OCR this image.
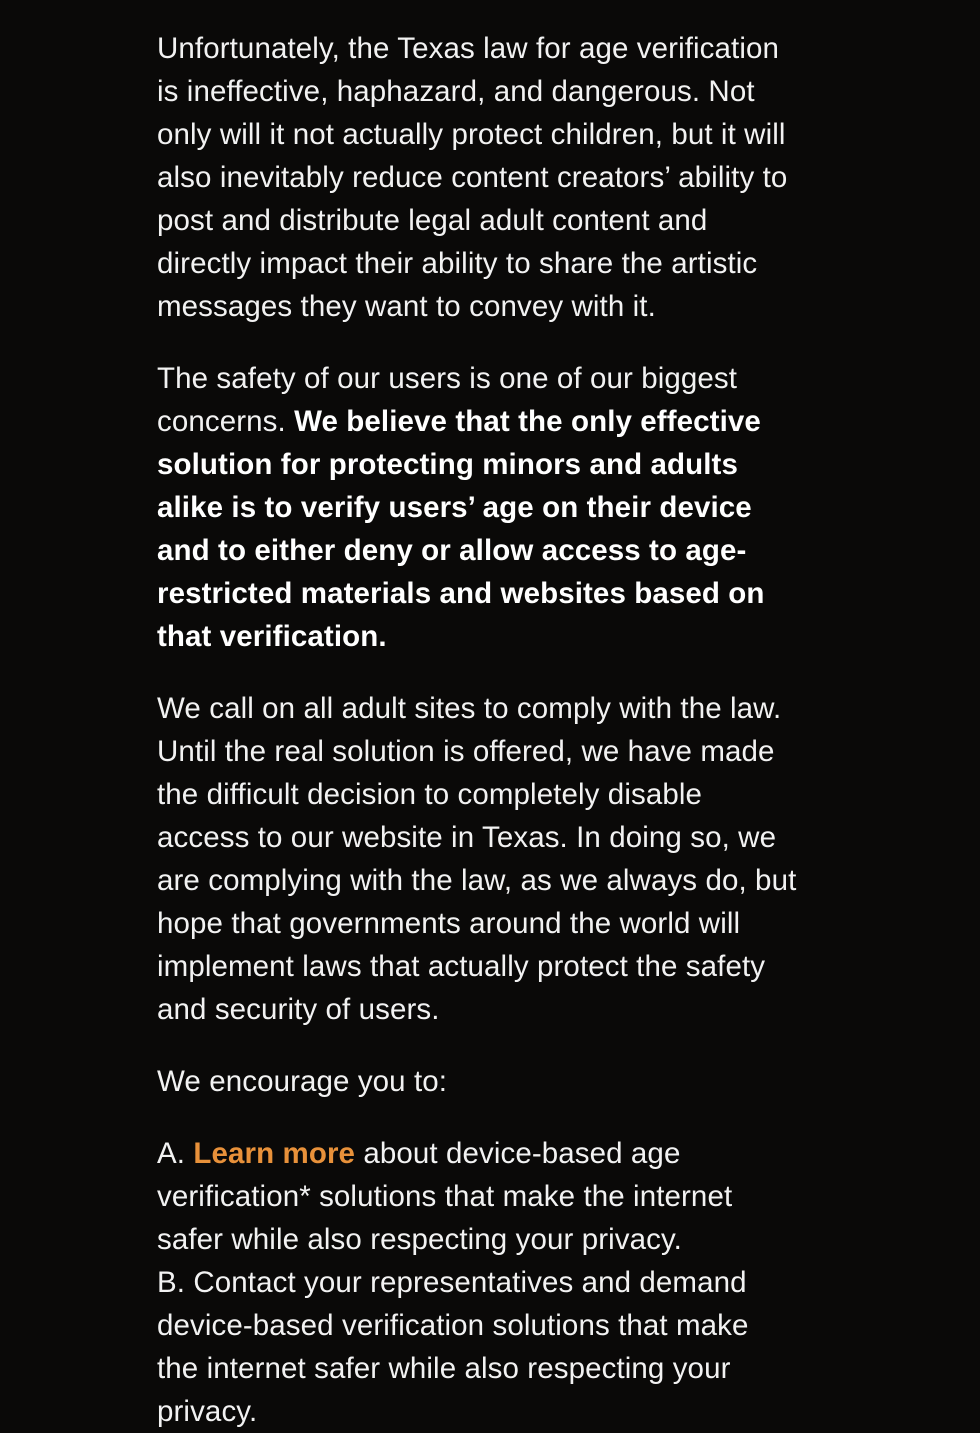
Unfortunately, the Texas law for age verification is ineffective, haphazard, and dangerous. Not only will it not actually protect children, but it will also inevitably reduce content creators’ ability to post and distribute legal adult content and directly impact their ability to share the artistic messages they want to convey with it.

The safety of our users is one of our biggest concerns. We believe that the only effective solution for protecting minors and adults alike is to verify users’ age on their device and to either deny or allow access to age-restricted materials and websites based on that verification.

We call on all adult sites to comply with the law. Until the real solution is offered, we have made the difficult decision to completely disable access to our website in Texas. In doing so, we are complying with the law, as we always do, but hope that governments around the world will implement laws that actually protect the safety and security of users.

We encourage you to:

A. Learn more about device-based age verification* solutions that make the internet safer while also respecting your privacy.
B. Contact your representatives and demand device-based verification solutions that make the internet safer while also respecting your privacy.
